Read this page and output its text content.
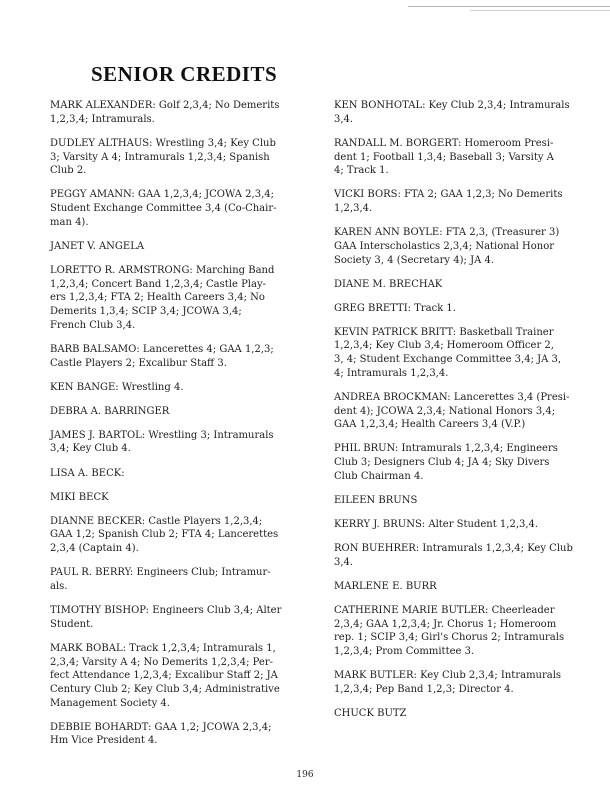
SENIOR CREDITS
MARK ALEXANDER: Golf 2,3,4; No Demerits
1,2,3,4; Intramurals.
DUDLEY ALTHAUS: Wrestling 3,4; Key Club
3; Varsity A 4; Intramurals 1,2,3,4; Spanish
Club 2.
PEGGY AMANN: GAA 1,2,3,4; JCOWA 2,3,4;
Student Exchange Committee 3,4 (Co-Chair-
man 4).
JANET V. ANGELA
LORETTO R. ARMSTRONG: Marching Band
1,2,3,4; Concert Band 1,2,3,4; Castle Play-
ers 1,2,3,4; FTA 2; Health Careers 3,4; No
Demerits 1,3,4; SCIP 3,4; JCOWA 3,4;
French Club 3,4.
BARB BALSAMO: Lancerettes 4; GAA 1,2,3;
Castle Players 2; Excalibur Staff 3.
KEN BANGE: Wrestling 4.
DEBRA A. BARRINGER
JAMES J. BARTOL: Wrestling 3; Intramurals
3,4; Key Club 4.
LISA A. BECK:
MIKI BECK
DIANNE BECKER: Castle Players 1,2,3,4;
GAA 1,2; Spanish Club 2; FTA 4; Lancerettes
2,3,4 (Captain 4).
PAUL R. BERRY: Engineers Club; Intramur-
als.
TIMOTHY BISHOP: Engineers Club 3,4; Alter
Student.
MARK BOBAL: Track 1,2,3,4; Intramurals 1,
2,3,4; Varsity A 4; No Demerits 1,2,3,4; Per-
fect Attendance 1,2,3,4; Excalibur Staff 2; JA
Century Club 2; Key Club 3,4; Administrative
Management Society 4.
DEBBIE BOHARDT: GAA 1,2; JCOWA 2,3,4;
Hm Vice President 4.
KEN BONHOTAL: Key Club 2,3,4; Intramurals
3,4.
RANDALL M. BORGERT: Homeroom Presi-
dent 1; Football 1,3,4; Baseball 3; Varsity A
4; Track 1.
VICKI BORS: FTA 2; GAA 1,2,3; No Demerits
1,2,3,4.
KAREN ANN BOYLE: FTA 2,3, (Treasurer 3)
GAA Interscholastics 2,3,4; National Honor
Society 3, 4 (Secretary 4); JA 4.
DIANE M. BRECHAK
GREG BRETTI: Track 1.
KEVIN PATRICK BRITT: Basketball Trainer
1,2,3,4; Key Club 3,4; Homeroom Officer 2,
3, 4; Student Exchange Committee 3,4; JA 3,
4; Intramurals 1,2,3,4.
ANDREA BROCKMAN: Lancerettes 3,4 (Presi-
dent 4); JCOWA 2,3,4; National Honors 3,4;
GAA 1,2,3,4; Health Careers 3,4 (V.P.)
PHIL BRUN: Intramurals 1,2,3,4; Engineers
Club 3; Designers Club 4; JA 4; Sky Divers
Club Chairman 4.
EILEEN BRUNS
KERRY J. BRUNS: Alter Student 1,2,3,4.
RON BUEHRER: Intramurals 1,2,3,4; Key Club
3,4.
MARLENE E. BURR
CATHERINE MARIE BUTLER: Cheerleader
2,3,4; GAA 1,2,3,4; Jr. Chorus 1; Homeroom
rep. 1; SCIP 3,4; Girl's Chorus 2; Intramurals
1,2,3,4; Prom Committee 3.
MARK BUTLER: Key Club 2,3,4; Intramurals
1,2,3,4; Pep Band 1,2,3; Director 4.
CHUCK BUTZ
196
